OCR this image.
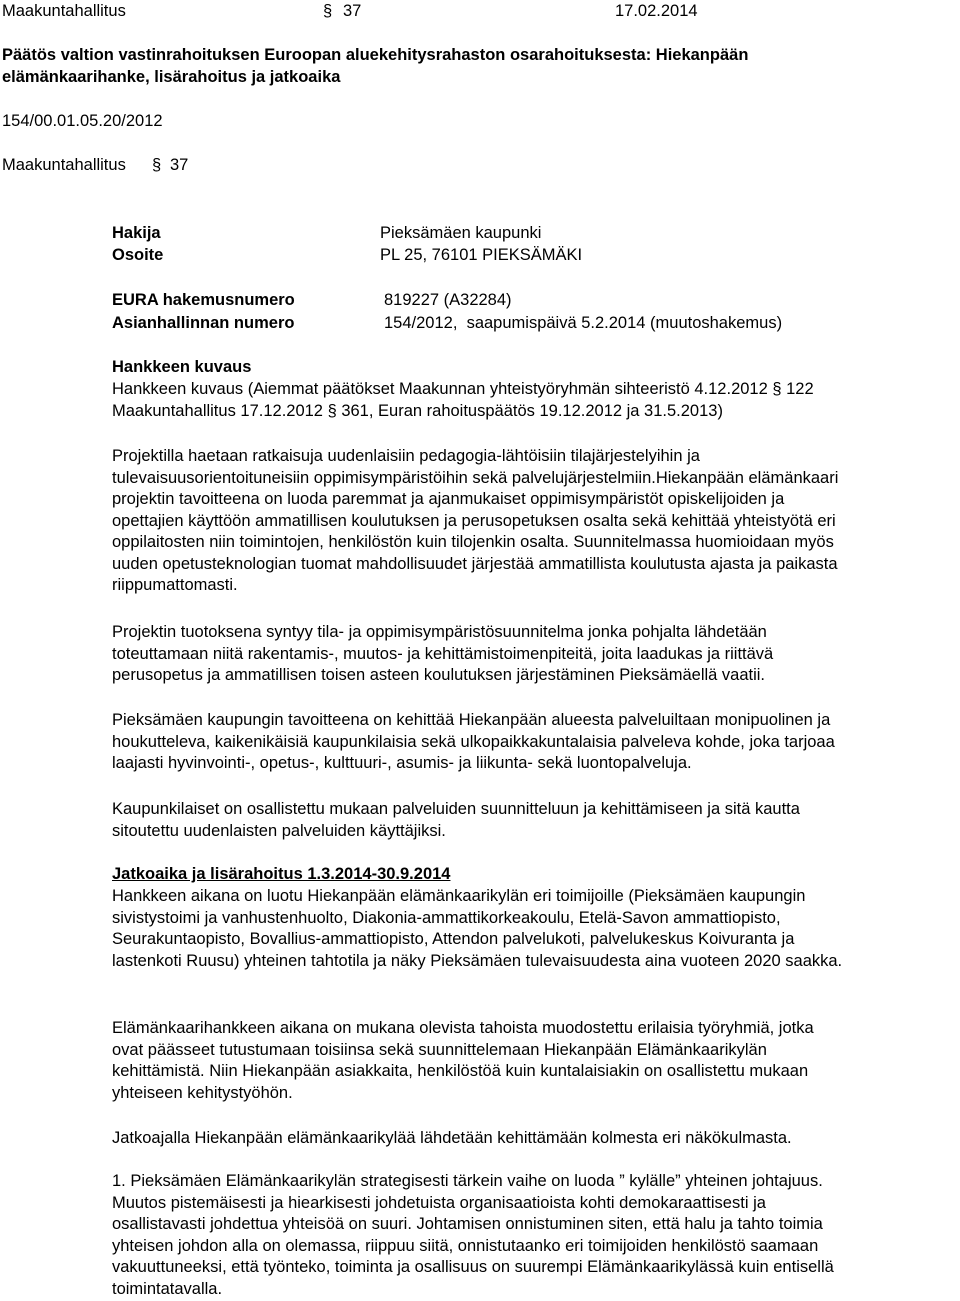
Maakuntahallitus	§ 37	17.02.2014
Päätös valtion vastinrahoituksen Euroopan aluekehitysrahaston osarahoituksesta: Hiekanpään
elämänkaarihanke, lisärahoitus ja jatkoaika
154/00.01.05.20/2012
Maakuntahallitus § 37
Hakija	Pieksämäen kaupunki
Osoite	PL 25, 76101 PIEKSÄMÄKI
EURA hakemusnumero	819227 (A32284)
Asianhallinnan numero	154/2012,  saapumispäivä 5.2.2014 (muutoshakemus)
Hankkeen kuvaus
Hankkeen kuvaus (Aiemmat päätökset Maakunnan yhteistyöryhmän sihteeristö 4.12.2012 § 122
Maakuntahallitus 17.12.2012 § 361, Euran rahoituspäätös 19.12.2012 ja 31.5.2013)
Projektilla haetaan ratkaisuja uudenlaisiin pedagogia-lähtöisiin tilajärjestelyihin ja
tulevaisuusorientoituneisiin oppimisympäristöihin sekä palvelujärjestelmiin.Hiekanpään elämänkaari
projektin tavoitteena on luoda paremmat ja ajanmukaiset oppimisympäristöt opiskelijoiden ja
opettajien käyttöön ammatillisen koulutuksen ja perusopetuksen osalta sekä kehittää yhteistyötä eri
oppilaitosten niin toimintojen, henkilöstön kuin tilojenkin osalta. Suunnitelmassa huomioidaan myös
uuden opetusteknologian tuomat mahdollisuudet järjestää ammatillista koulutusta ajasta ja paikasta
riippumattomasti.
Projektin tuotoksena syntyy tila- ja oppimisympäristösuunnitelma jonka pohjalta lähdetään
toteuttamaan niitä rakentamis-, muutos- ja kehittämistoimenpiteitä, joita laadukas ja riittävä
perusopetus ja ammatillisen toisen asteen koulutuksen järjestäminen Pieksämäellä vaatii.
Pieksämäen kaupungin tavoitteena on kehittää Hiekanpään alueesta palveluiltaan monipuolinen ja
houkutteleva, kaikenikäisiä kaupunkilaisia sekä ulkopaikkakuntalaisia palveleva kohde, joka tarjoaa
laajasti hyvinvointi-, opetus-, kulttuuri-, asumis- ja liikunta- sekä luontopalveluja.
Kaupunkilaiset on osallistettu mukaan palveluiden suunnitteluun ja kehittämiseen ja sitä kautta
sitoutettu uudenlaisten palveluiden käyttäjiksi.
Jatkoaika ja lisärahoitus 1.3.2014-30.9.2014
Hankkeen aikana on luotu Hiekanpään elämänkaarikylän eri toimijoille (Pieksämäen kaupungin
sivistystoimi ja vanhustenhuolto, Diakonia-ammattikorkeakoulu, Etelä-Savon ammattiopisto,
Seurakuntaopisto, Bovallius-ammattiopisto, Attendon palvelukoti, palvelukeskus Koivuranta ja
lastenkoti Ruusu) yhteinen tahtotila ja näky Pieksämäen tulevaisuudesta aina vuoteen 2020 saakka.
Elämänkaarihankkeen aikana on mukana olevista tahoista muodostettu erilaisia työryhmiä, jotka
ovat päässeet tutustumaan toisiinsa sekä suunnittelemaan Hiekanpään Elämänkaarikylän
kehittämistä. Niin Hiekanpään asiakkaita, henkilöstöä kuin kuntalaisiakin on osallistettu mukaan
yhteiseen kehitystyöhön.
Jatkoajalla Hiekanpään elämänkaarikylää lähdetään kehittämään kolmesta eri näkökulmasta.
1. Pieksämäen Elämänkaarikylän strategisesti tärkein vaihe on luoda ” kylälle” yhteinen johtajuus.
Muutos pistemäisesti ja hiearkisesti johdetuista organisaatioista kohti demokaraattisesti ja
osallistavasti johdettua yhteisöä on suuri. Johtamisen onnistuminen siten, että halu ja tahto toimia
yhteisen johdon alla on olemassa, riippuu siitä, onnistutaanko eri toimijoiden henkilöstö saamaan
vakuuttuneeksi, että työnteko, toiminta ja osallisuus on suurempi Elämänkaarikylässä kuin entisellä
toimintatavalla.
